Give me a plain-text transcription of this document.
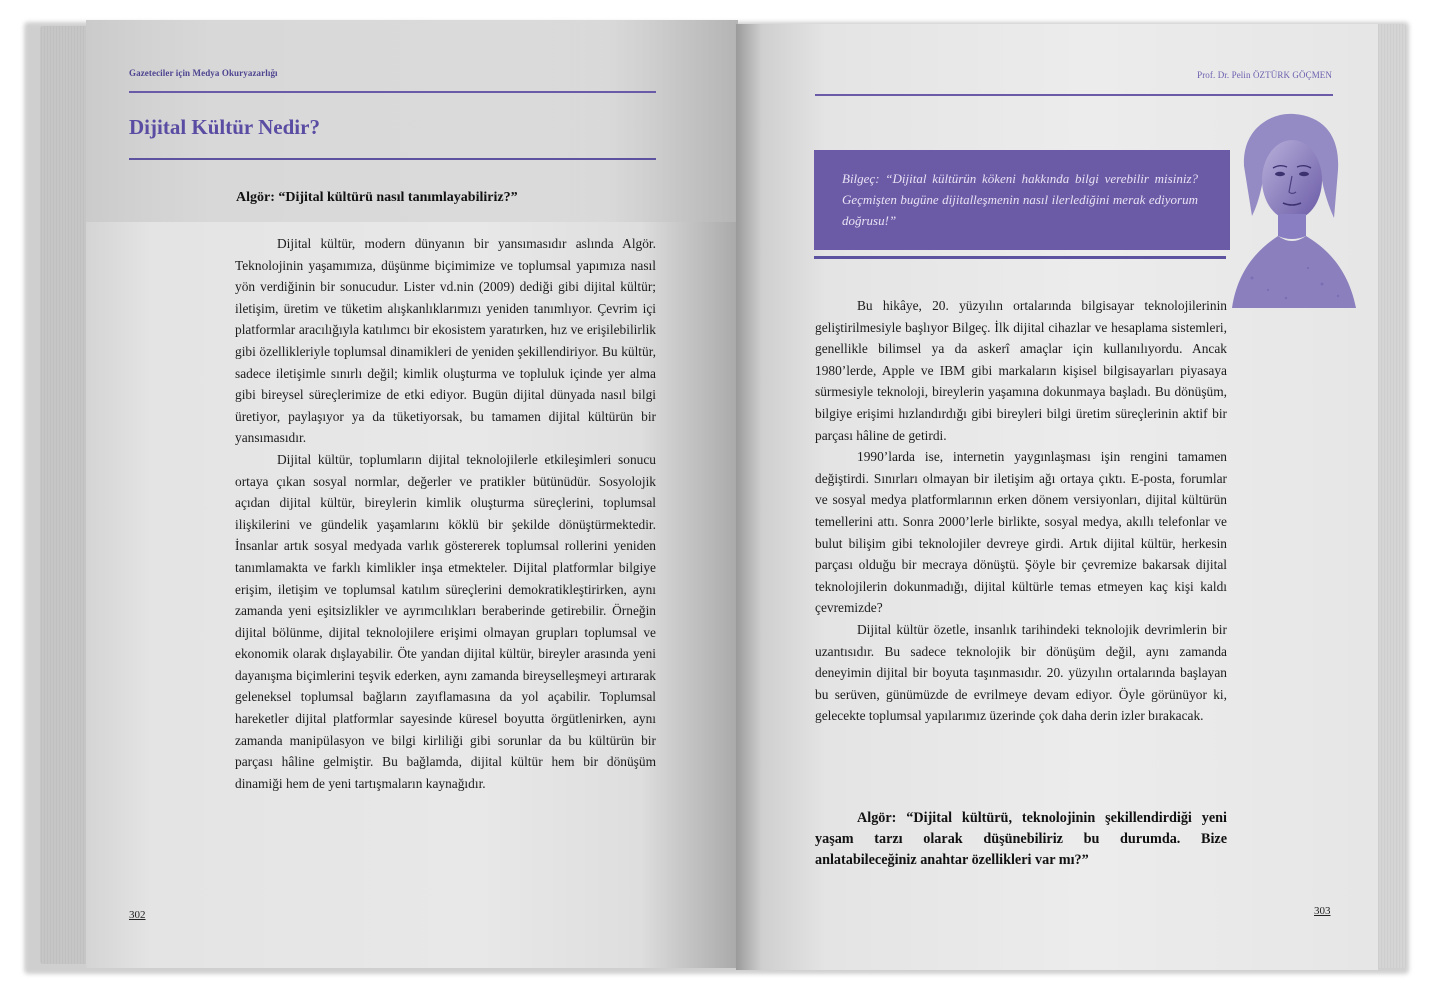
Gazeteciler için Medya Okuryazarlığı
Dijital Kültür Nedir?
Algör: “Dijital kültürü nasıl tanımlayabiliriz?”

Dijital kültür, modern dünyanın bir yansımasıdır aslında Algör. Teknolojinin yaşamımıza, düşünme biçimimize ve toplumsal yapımıza nasıl yön verdiğinin bir sonucudur. Lister vd.nin (2009) dediği gibi dijital kültür; iletişim, üretim ve tüketim alışkanlıklarımızı yeniden tanımlıyor. Çevrim içi platformlar aracılığıyla katılımcı bir ekosistem yaratırken, hız ve erişilebilirlik gibi özellikleriyle toplumsal dinamikleri de yeniden şekillendiriyor. Bu kültür, sadece iletişimle sınırlı değil; kimlik oluşturma ve topluluk içinde yer alma gibi bireysel süreçlerimize de etki ediyor. Bugün dijital dünyada nasıl bilgi üretiyor, paylaşıyor ya da tüketiyorsak, bu tamamen dijital kültürün bir yansımasıdır.

Dijital kültür, toplumların dijital teknolojilerle etkileşimleri sonucu ortaya çıkan sosyal normlar, değerler ve pratikler bütünüdür. Sosyolojik açıdan dijital kültür, bireylerin kimlik oluşturma süreçlerini, toplumsal ilişkilerini ve gündelik yaşamlarını köklü bir şekilde dönüştürmektedir. İnsanlar artık sosyal medyada varlık göstererek toplumsal rollerini yeniden tanımlamakta ve farklı kimlikler inşa etmekteler. Dijital platformlar bilgiye erişim, iletişim ve toplumsal katılım süreçlerini demokratikleştirirken, aynı zamanda yeni eşitsizlikler ve ayrımcılıkları beraberinde getirebilir. Örneğin dijital bölünme, dijital teknolojilere erişimi olmayan grupları toplumsal ve ekonomik olarak dışlayabilir. Öte yandan dijital kültür, bireyler arasında yeni dayanışma biçimlerini teşvik ederken, aynı zamanda bireyselleşmeyi artırarak geleneksel toplumsal bağların zayıflamasına da yol açabilir. Toplumsal hareketler dijital platformlar sayesinde küresel boyutta örgütlenirken, aynı zamanda manipülasyon ve bilgi kirliliği gibi sorunlar da bu kültürün bir parçası hâline gelmiştir. Bu bağlamda, dijital kültür hem bir dönüşüm dinamiği hem de yeni tartışmaların kaynağıdır.

302
Prof. Dr. Pelin ÖZTÜRK GÖÇMEN
Bilgeç: “Dijital kültürün kökeni hakkında bilgi verebilir misiniz? Geçmişten bugüne dijitalleşmenin nasıl ilerlediğini merak ediyorum doğrusu!”

Bu hikâye, 20. yüzyılın ortalarında bilgisayar teknolojilerinin geliştirilmesiyle başlıyor Bilgeç. İlk dijital cihazlar ve hesaplama sistemleri, genellikle bilimsel ya da askerî amaçlar için kullanılıyordu. Ancak 1980’lerde, Apple ve IBM gibi markaların kişisel bilgisayarları piyasaya sürmesiyle teknoloji, bireylerin yaşamına dokunmaya başladı. Bu dönüşüm, bilgiye erişimi hızlandırdığı gibi bireyleri bilgi üretim süreçlerinin aktif bir parçası hâline de getirdi.

1990’larda ise, internetin yaygınlaşması işin rengini tamamen değiştirdi. Sınırları olmayan bir iletişim ağı ortaya çıktı. E-posta, forumlar ve sosyal medya platformlarının erken dönem versiyonları, dijital kültürün temellerini attı. Sonra 2000’lerle birlikte, sosyal medya, akıllı telefonlar ve bulut bilişim gibi teknolojiler devreye girdi. Artık dijital kültür, herkesin parçası olduğu bir mecraya dönüştü. Şöyle bir çevremize bakarsak dijital teknolojilerin dokunmadığı, dijital kültürle temas etmeyen kaç kişi kaldı çevremizde?

Dijital kültür özetle, insanlık tarihindeki teknolojik devrimlerin bir uzantısıdır. Bu sadece teknolojik bir dönüşüm değil, aynı zamanda deneyimin dijital bir boyuta taşınmasıdır. 20. yüzyılın ortalarında başlayan bu serüven, günümüzde de evrilmeye devam ediyor. Öyle görünüyor ki, gelecekte toplumsal yapılarımız üzerinde çok daha derin izler bırakacak.

Algör: “Dijital kültürü, teknolojinin şekillendirdiği yeni yaşam tarzı olarak düşünebiliriz bu durumda. Bize anlatabileceğiniz anahtar özellikleri var mı?”
303
